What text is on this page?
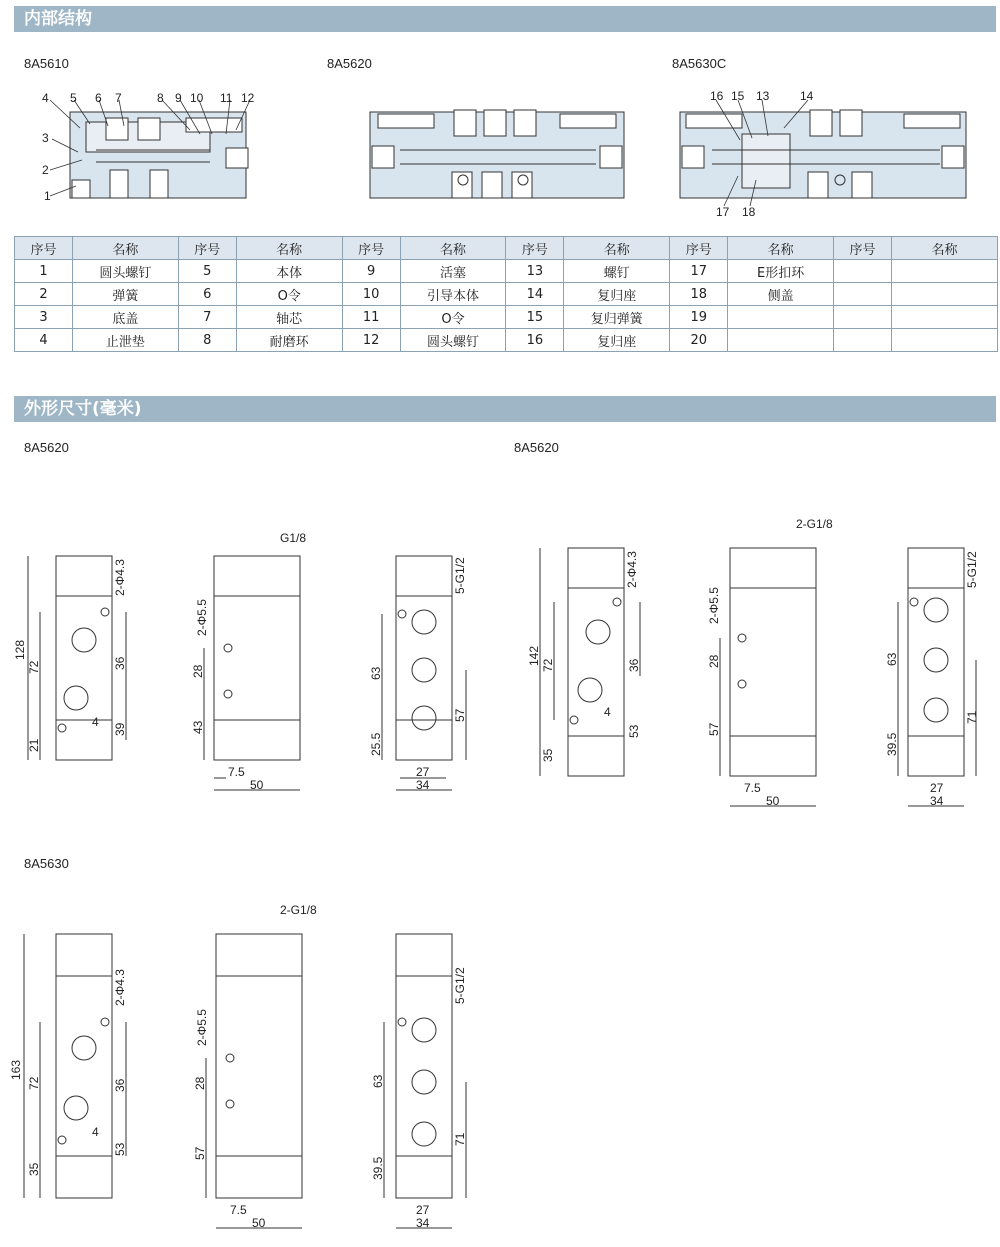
内部结构
8A5610	8A5620	8A5630C
4 5 6 7	8 9 10 11 12
3
2
1
16 15 13	14
17 18
序号	名称	序号	名称	序号	名称	序号	名称	序号	名称	序号	名称
1	圆头螺钉	5	本体	9	活塞	13	螺钉	17	E形扣环		
2	弹簧	6	O令	10	引导本体	14	复归座	18	侧盖		
3	底盖	7	轴芯	11	O令	15	复归弹簧	19			
4	止泄垫	8	耐磨环	12	圆头螺钉	16	复归座	20			
外形尺寸(毫米)
8A5620	8A5620
8A5630
2-Φ4.3
128
72
21
36
39
4
G1/8
2-Φ5.5
28
43
7.5
50
5-G1/2
63
25.5
57
27
34
2-Φ4.3
142 72
35
36
53
4
2-G1/8
2-Φ5.5
28
57
7.5
50
5-G1/2
63
39.5
71
27
34
2-Φ4.3
163
72
35
36
53
4
2-G1/8
2-Φ5.5
28
57
7.5
50
5-G1/2
63
39.5
71
27
34
